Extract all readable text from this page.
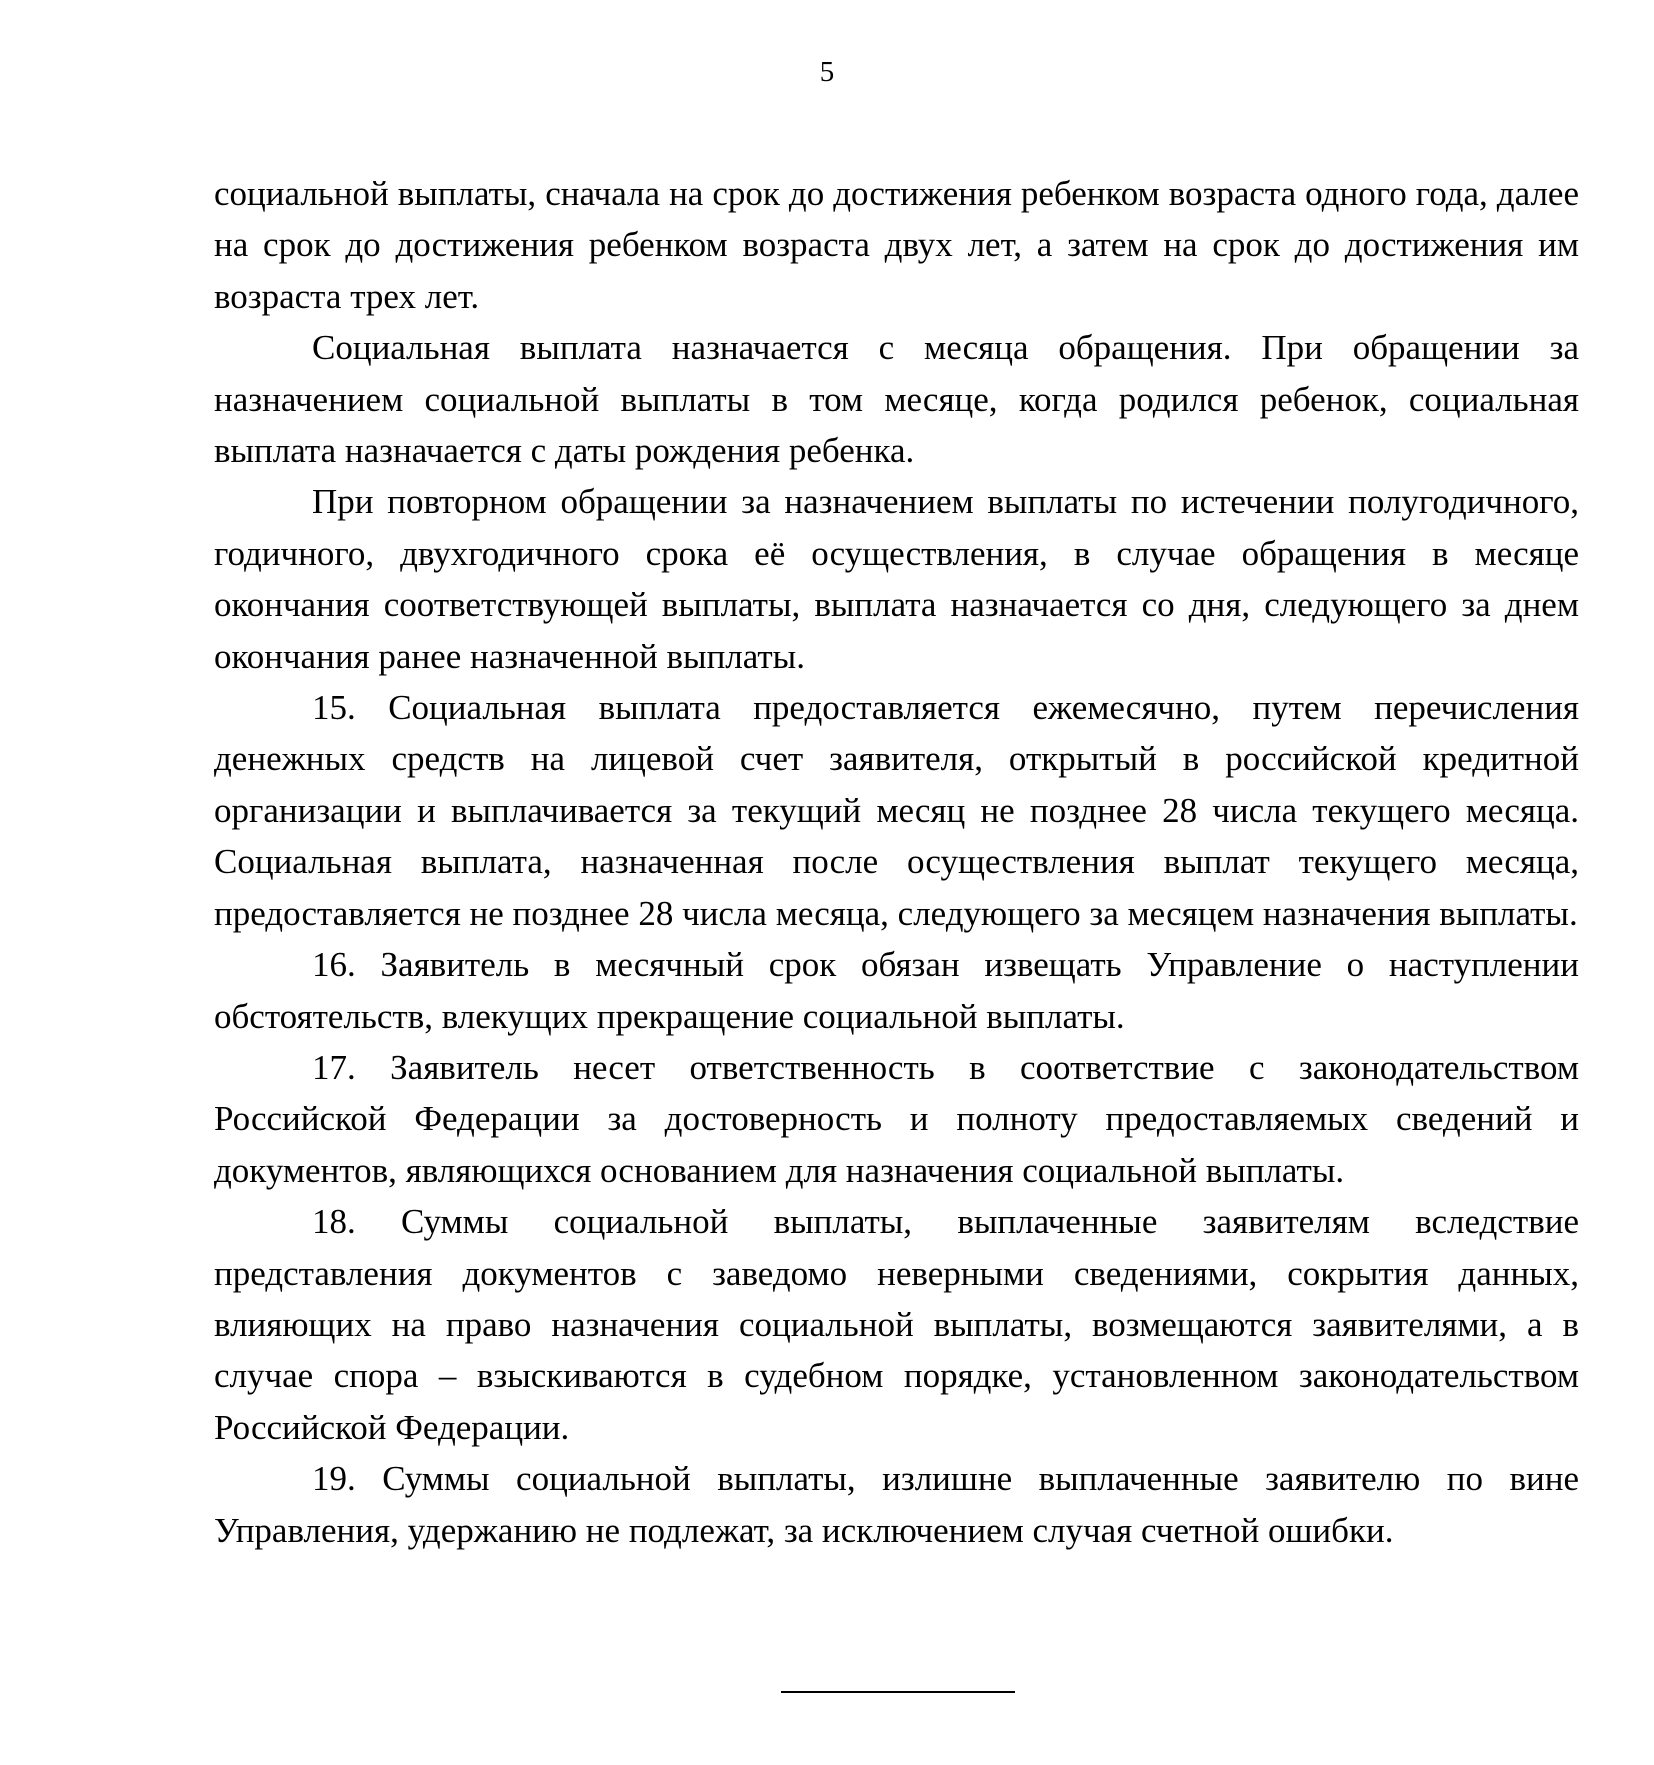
5

социальной выплаты, сначала на срок до достижения ребенком возраста одного года, далее на срок до достижения ребенком возраста двух лет, а затем на срок до достижения им возраста трех лет.

Социальная выплата назначается с месяца обращения. При обращении за назначением социальной выплаты в том месяце, когда родился ребенок, социальная выплата назначается с даты рождения ребенка.

При повторном обращении за назначением выплаты по истечении полугодичного, годичного, двухгодичного срока её осуществления, в случае обращения в месяце окончания соответствующей выплаты, выплата назначается со дня, следующего за днем окончания ранее назначенной выплаты.

15. Социальная выплата предоставляется ежемесячно, путем перечисления денежных средств на лицевой счет заявителя, открытый в российской кредитной организации и выплачивается за текущий месяц не позднее 28 числа текущего месяца. Социальная выплата, назначенная после осуществления выплат текущего месяца, предоставляется не позднее 28 числа месяца, следующего за месяцем назначения выплаты.

16. Заявитель в месячный срок обязан извещать Управление о наступлении обстоятельств, влекущих прекращение социальной выплаты.

17. Заявитель несет ответственность в соответствие с законодательством Российской Федерации за достоверность и полноту предоставляемых сведений и документов, являющихся основанием для назначения социальной выплаты.

18. Суммы социальной выплаты, выплаченные заявителям вследствие представления документов с заведомо неверными сведениями, сокрытия данных, влияющих на право назначения социальной выплаты, возмещаются заявителями, а в случае спора – взыскиваются в судебном порядке, установленном законодательством Российской Федерации.

19. Суммы социальной выплаты, излишне выплаченные заявителю по вине Управления, удержанию не подлежат, за исключением случая счетной ошибки.
